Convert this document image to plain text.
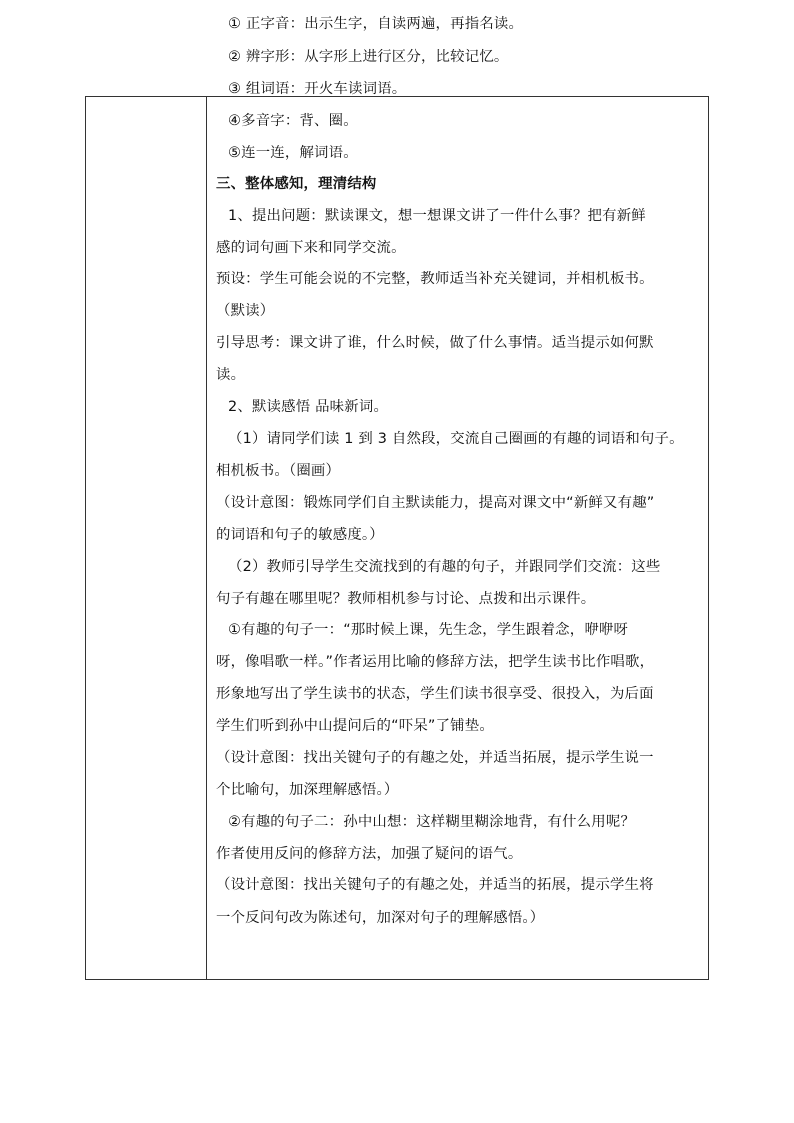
① 正字音：出示生字，自读两遍，再指名读。
② 辨字形：从字形上进行区分，比较记忆。
③ 组词语：开火车读词语。
④多音字：背、圈。
⑤连一连，解词语。
三、整体感知，理清结构
1、提出问题：默读课文，想一想课文讲了一件什么事？把有新鲜
感的词句画下来和同学交流。
预设：学生可能会说的不完整，教师适当补充关键词，并相机板书。
（默读）
引导思考：课文讲了谁，什么时候，做了什么事情。适当提示如何默
读。
2、默读感悟 品味新词。
（1）请同学们读 1 到 3 自然段，交流自己圈画的有趣的词语和句子。
相机板书。（圈画）
（设计意图：锻炼同学们自主默读能力，提高对课文中“新鲜又有趣”
的词语和句子的敏感度。）
（2）教师引导学生交流找到的有趣的句子，并跟同学们交流：这些
句子有趣在哪里呢？教师相机参与讨论、点拨和出示课件。
①有趣的句子一：“那时候上课，先生念，学生跟着念，咿咿呀
呀，像唱歌一样。”作者运用比喻的修辞方法，把学生读书比作唱歌，
形象地写出了学生读书的状态，学生们读书很享受、很投入，为后面
学生们听到孙中山提问后的“吓呆”了铺垫。
（设计意图：找出关键句子的有趣之处，并适当拓展，提示学生说一
个比喻句，加深理解感悟。）
②有趣的句子二：孙中山想：这样糊里糊涂地背，有什么用呢？
作者使用反问的修辞方法，加强了疑问的语气。
（设计意图：找出关键句子的有趣之处，并适当的拓展，提示学生将
一个反问句改为陈述句，加深对句子的理解感悟。）
